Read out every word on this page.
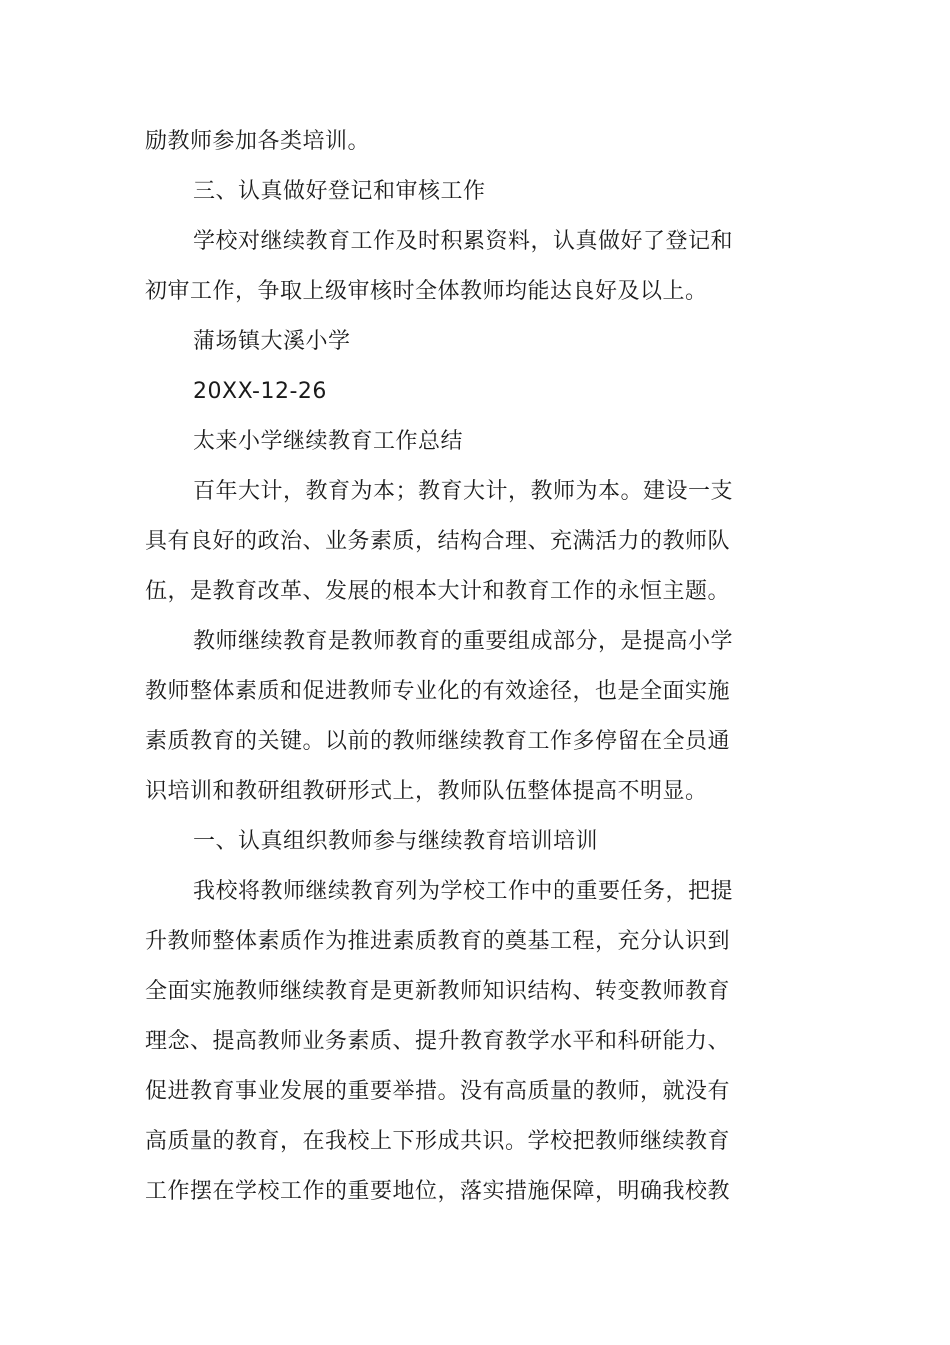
励教师参加各类培训。
三、认真做好登记和审核工作
学校对继续教育工作及时积累资料，认真做好了登记和
初审工作，争取上级审核时全体教师均能达良好及以上。
蒲场镇大溪小学
20XX-12-26
太来小学继续教育工作总结
百年大计，教育为本；教育大计，教师为本。建设一支
具有良好的政治、业务素质，结构合理、充满活力的教师队
伍，是教育改革、发展的根本大计和教育工作的永恒主题。
教师继续教育是教师教育的重要组成部分，是提高小学
教师整体素质和促进教师专业化的有效途径，也是全面实施
素质教育的关键。以前的教师继续教育工作多停留在全员通
识培训和教研组教研形式上，教师队伍整体提高不明显。
一、认真组织教师参与继续教育培训培训
我校将教师继续教育列为学校工作中的重要任务，把提
升教师整体素质作为推进素质教育的奠基工程，充分认识到
全面实施教师继续教育是更新教师知识结构、转变教师教育
理念、提高教师业务素质、提升教育教学水平和科研能力、
促进教育事业发展的重要举措。没有高质量的教师，就没有
高质量的教育，在我校上下形成共识。学校把教师继续教育
工作摆在学校工作的重要地位，落实措施保障，明确我校教
